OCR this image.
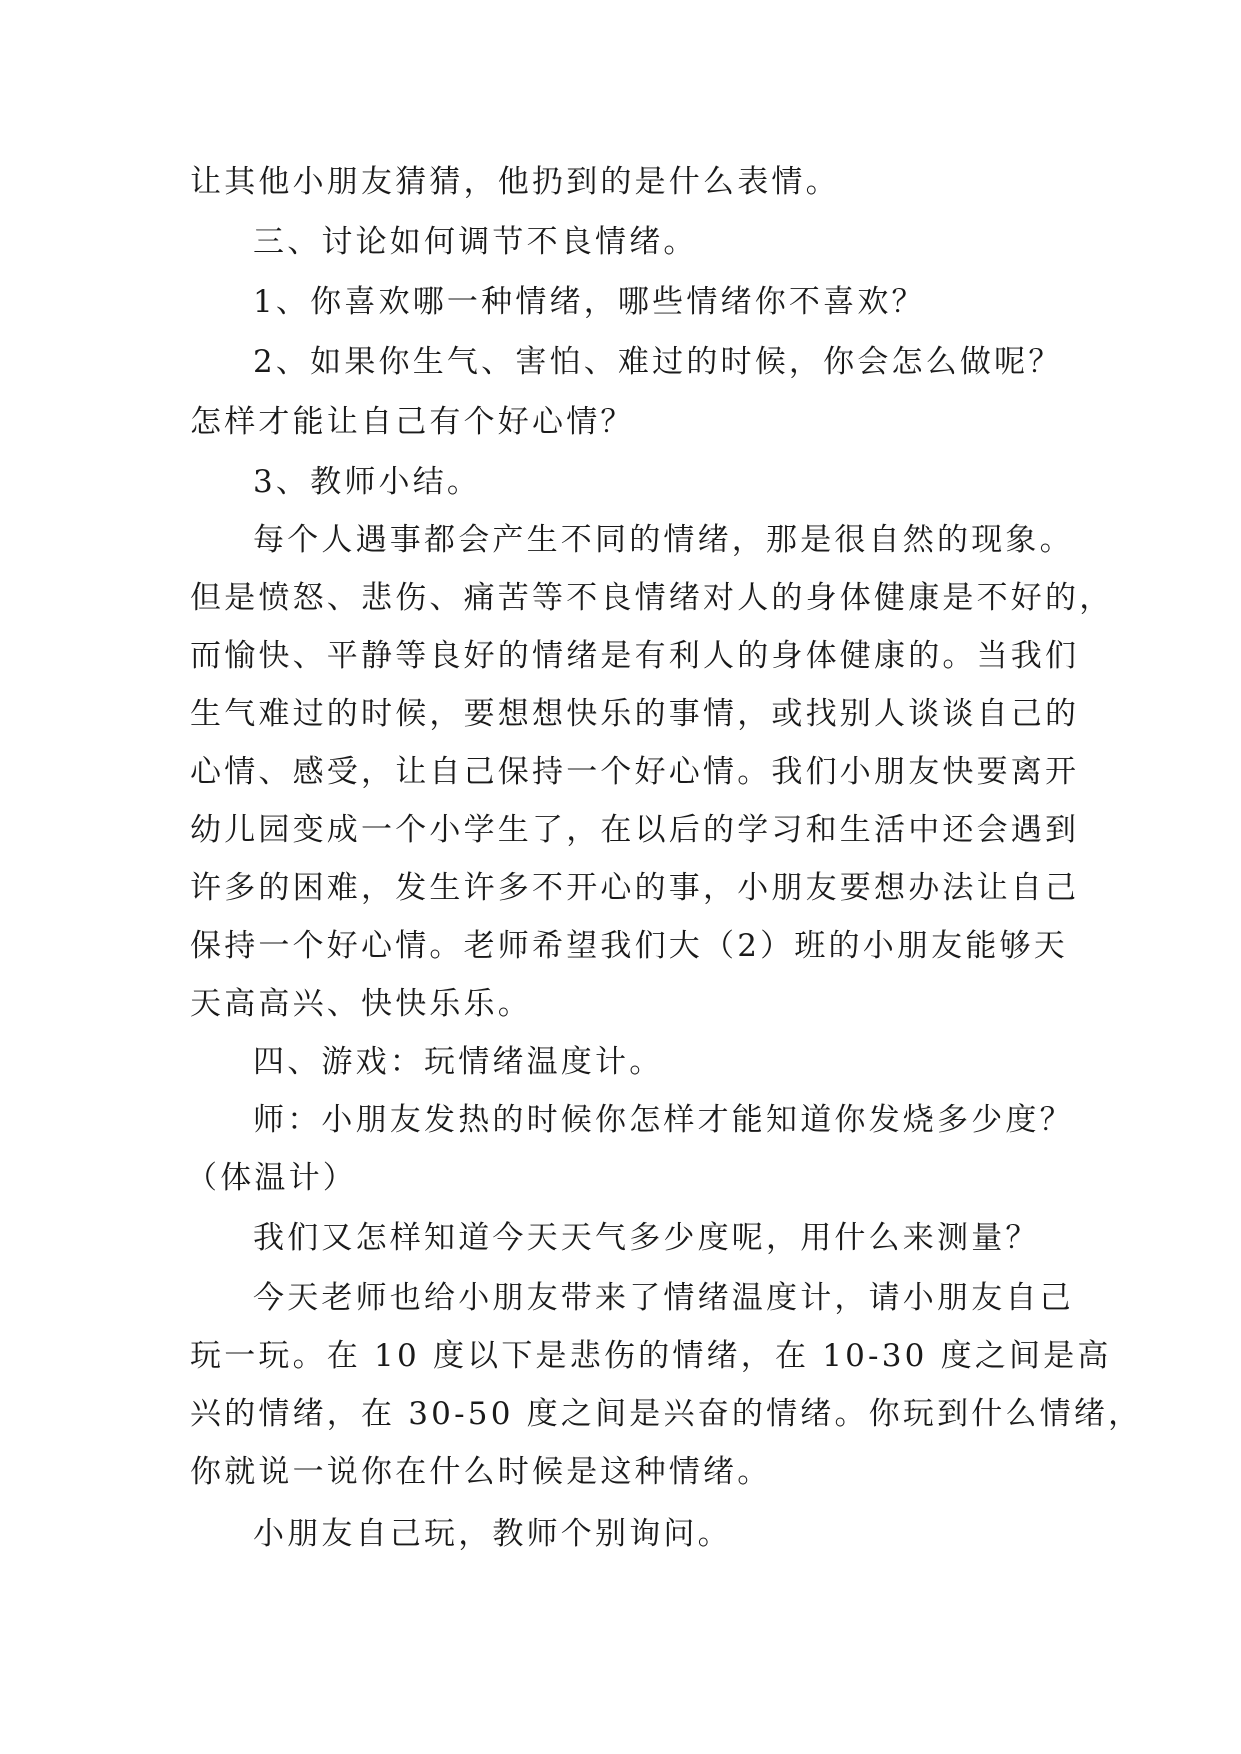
让其他小朋友猜猜，他扔到的是什么表情。
三、讨论如何调节不良情绪。
1、你喜欢哪一种情绪，哪些情绪你不喜欢？
2、如果你生气、害怕、难过的时候，你会怎么做呢？
怎样才能让自己有个好心情？
3、教师小结。
每个人遇事都会产生不同的情绪，那是很自然的现象。
但是愤怒、悲伤、痛苦等不良情绪对人的身体健康是不好的，
而愉快、平静等良好的情绪是有利人的身体健康的。当我们
生气难过的时候，要想想快乐的事情，或找别人谈谈自己的
心情、感受，让自己保持一个好心情。我们小朋友快要离开
幼儿园变成一个小学生了，在以后的学习和生活中还会遇到
许多的困难，发生许多不开心的事，小朋友要想办法让自己
保持一个好心情。老师希望我们大（2）班的小朋友能够天
天高高兴、快快乐乐。
四、游戏：玩情绪温度计。
师：小朋友发热的时候你怎样才能知道你发烧多少度？
（体温计）
我们又怎样知道今天天气多少度呢，用什么来测量？
今天老师也给小朋友带来了情绪温度计，请小朋友自己
玩一玩。在 10 度以下是悲伤的情绪，在 10-30 度之间是高
兴的情绪，在 30-50 度之间是兴奋的情绪。你玩到什么情绪，
你就说一说你在什么时候是这种情绪。
小朋友自己玩，教师个别询问。
